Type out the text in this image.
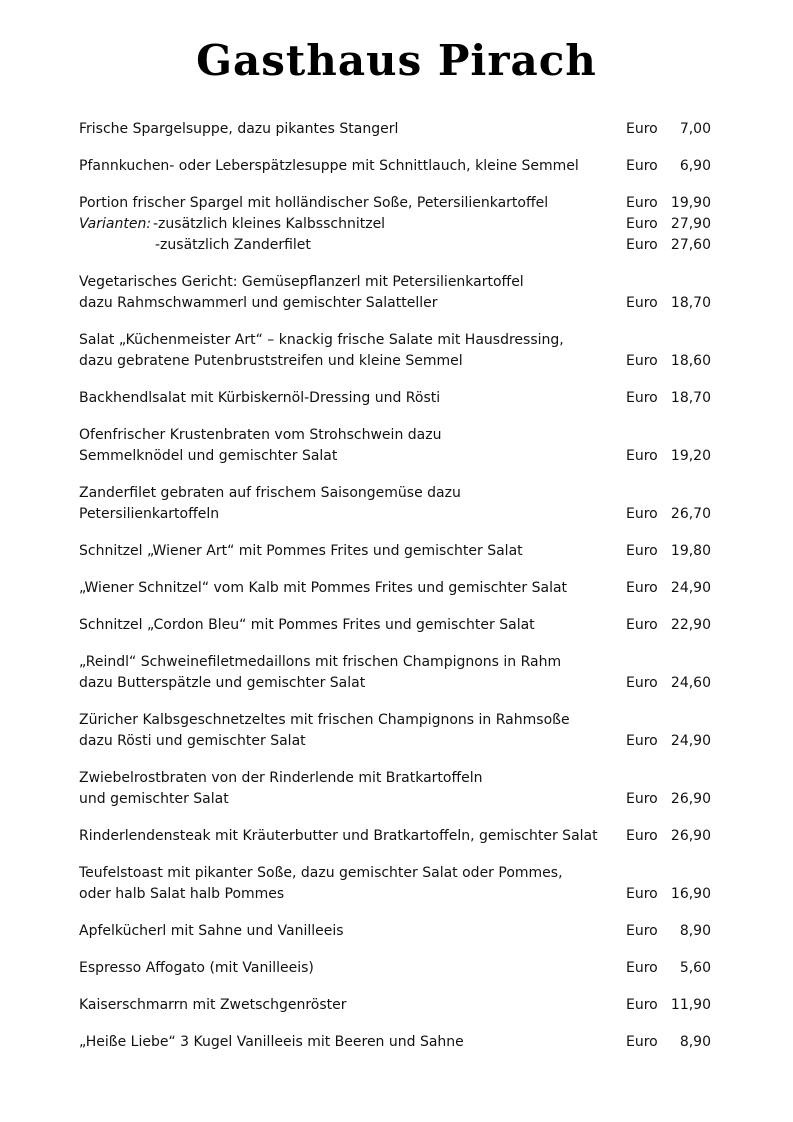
Gasthaus Pirach
Frische Spargelsuppe, dazu pikantes Stangerl	Euro 7,00
Pfannkuchen- oder Leberspätzlesuppe mit Schnittlauch, kleine Semmel	Euro 6,90
Portion frischer Spargel mit holländischer Soße, Petersilienkartoffel	Euro 19,90
Varianten: -zusätzlich kleines Kalbsschnitzel	Euro 27,90
-zusätzlich Zanderfilet	Euro 27,60
Vegetarisches Gericht: Gemüsepflanzerl mit Petersilienkartoffel
dazu Rahmschwammerl und gemischter Salatteller	Euro 18,70
Salat „Küchenmeister Art“ – knackig frische Salate mit Hausdressing,
dazu gebratene Putenbruststreifen und kleine Semmel	Euro 18,60
Backhendlsalat mit Kürbiskernöl-Dressing und Rösti	Euro 18,70
Ofenfrischer Krustenbraten vom Strohschwein dazu
Semmelknödel und gemischter Salat	Euro 19,20
Zanderfilet gebraten auf frischem Saisongemüse dazu
Petersilienkartoffeln	Euro 26,70
Schnitzel „Wiener Art“ mit Pommes Frites und gemischter Salat	Euro 19,80
„Wiener Schnitzel“ vom Kalb mit Pommes Frites und gemischter Salat	Euro 24,90
Schnitzel „Cordon Bleu“ mit Pommes Frites und gemischter Salat	Euro 22,90
„Reindl“ Schweinefiletmedaillons mit frischen Champignons in Rahm
dazu Butterspätzle und gemischter Salat	Euro 24,60
Züricher Kalbsgeschnetzeltes mit frischen Champignons in Rahmsoße
dazu Rösti und gemischter Salat	Euro 24,90
Zwiebelrostbraten von der Rinderlende mit Bratkartoffeln
und gemischter Salat	Euro 26,90
Rinderlendensteak mit Kräuterbutter und Bratkartoffeln, gemischter Salat Euro 26,90
Teufelstoast mit pikanter Soße, dazu gemischter Salat oder Pommes,
oder halb Salat halb Pommes	Euro 16,90
Apfelkücherl mit Sahne und Vanilleeis	Euro 8,90
Espresso Affogato (mit Vanilleeis)	Euro 5,60
Kaiserschmarrn mit Zwetschgenröster	Euro 11,90
„Heiße Liebe“ 3 Kugel Vanilleeis mit Beeren und Sahne	Euro 8,90
